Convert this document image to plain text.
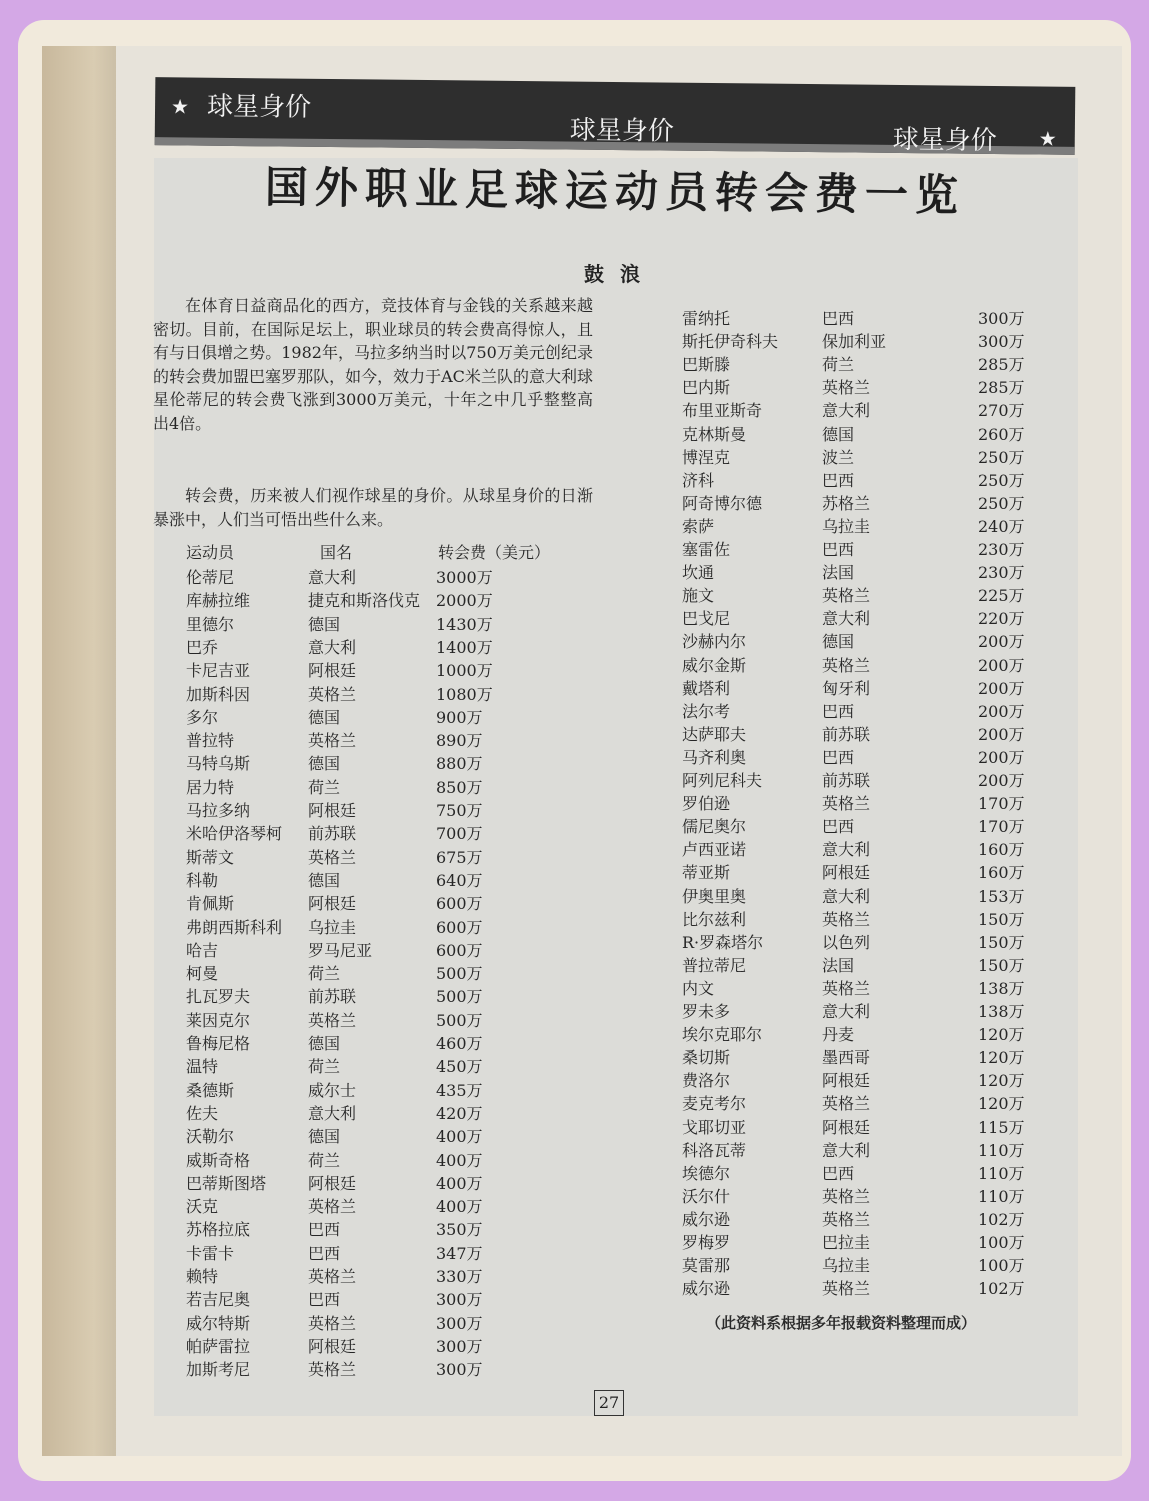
★ 球星身价
球星身价	球星身价 ★
国外职业足球运动员转会费一览
鼓浪
在体育日益商品化的西方，竞技体育与金钱的关系越来越密切。目前，在国际足坛上，职业球员的转会费高得惊人，且有与日俱增之势。1982年，马拉多纳当时以750万美元创纪录的转会费加盟巴塞罗那队，如今，效力于AC米兰队的意大利球星伦蒂尼的转会费飞涨到3000万美元，十年之中几乎整整高出4倍。
转会费，历来被人们视作球星的身价。从球星身价的日渐暴涨中，人们当可悟出些什么来。
运动员	国名	转会费（美元）
伦蒂尼	意大利	3000万
库赫拉维	捷克和斯洛伐克 2000万
里德尔	德国	1430万
巴乔	意大利	1400万
卡尼吉亚	阿根廷	1000万
加斯科因	英格兰	1080万
多尔	德国	900万
普拉特	英格兰	890万
马特乌斯	德国	880万
居力特	荷兰	850万
马拉多纳	阿根廷	750万
米哈伊洛琴柯 前苏联	700万
斯蒂文	英格兰	675万
科勒	德国	640万
肯佩斯	阿根廷	600万
弗朗西斯科利 乌拉圭	600万
哈吉	罗马尼亚	600万
柯曼	荷兰	500万
扎瓦罗夫	前苏联	500万
莱因克尔	英格兰	500万
鲁梅尼格	德国	460万
温特	荷兰	450万
桑德斯	威尔士	435万
佐夫	意大利	420万
沃勒尔	德国	400万
威斯奇格	荷兰	400万
巴蒂斯图塔	阿根廷	400万
沃克	英格兰	400万
苏格拉底	巴西	350万
卡雷卡	巴西	347万
赖特	英格兰	330万
若吉尼奥	巴西	300万
威尔特斯	英格兰	300万
帕萨雷拉	阿根廷	300万
加斯考尼	英格兰	300万
雷纳托	巴西	300万
斯托伊奇科夫	保加利亚	300万
巴斯滕	荷兰	285万
巴内斯	英格兰	285万
布里亚斯奇	意大利	270万
克林斯曼	德国	260万
博涅克	波兰	250万
济科	巴西	250万
阿奇博尔德	苏格兰	250万
索萨	乌拉圭	240万
塞雷佐	巴西	230万
坎通	法国	230万
施文	英格兰	225万
巴戈尼	意大利	220万
沙赫内尔	德国	200万
威尔金斯	英格兰	200万
戴塔利	匈牙利	200万
法尔考	巴西	200万
达萨耶夫	前苏联	200万
马齐利奥	巴西	200万
阿列尼科夫	前苏联	200万
罗伯逊	英格兰	170万
儒尼奥尔	巴西	170万
卢西亚诺	意大利	160万
蒂亚斯	阿根廷	160万
伊奥里奥	意大利	153万
比尔兹利	英格兰	150万
R·罗森塔尔	以色列	150万
普拉蒂尼	法国	150万
内文	英格兰	138万
罗未多	意大利	138万
埃尔克耶尔	丹麦	120万
桑切斯	墨西哥	120万
费洛尔	阿根廷	120万
麦克考尔	英格兰	120万
戈耶切亚	阿根廷	115万
科洛瓦蒂	意大利	110万
埃德尔	巴西	110万
沃尔什	英格兰	110万
威尔逊	英格兰	102万
罗梅罗	巴拉圭	100万
莫雷那	乌拉圭	100万
威尔逊	英格兰	102万
（此资料系根据多年报载资料整理而成）
27
